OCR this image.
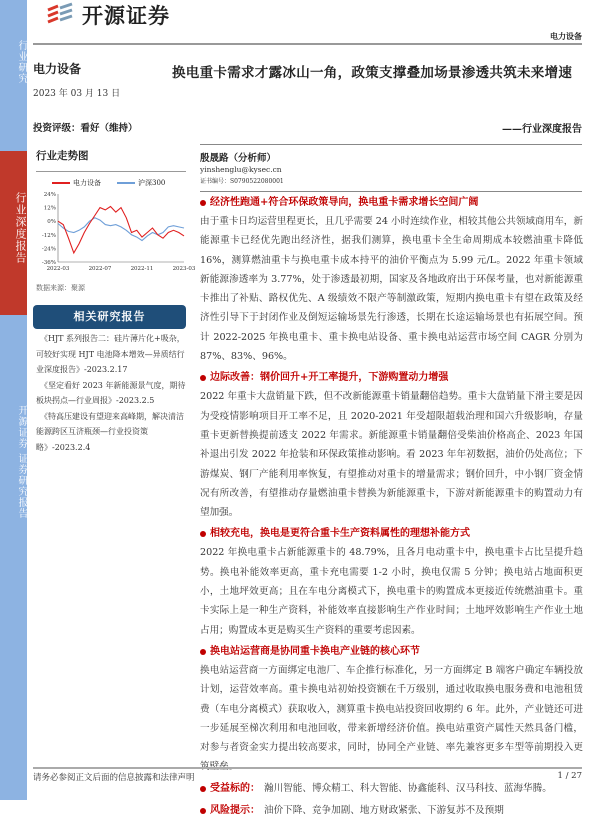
行业研究
行业深度报告
开源证券 证券研究报告
开源证券
电力设备
电力设备
2023 年 03 月 13 日
换电重卡需求才露冰山一角，政策支撑叠加场景渗透共筑未来增速
投资评级：看好（维持）	——行业深度报告
行业走势图
电力设备	沪深300
24%
12%
0%
-12%
-24%
-36%
2022-03	2022-07	2022-11	2023-03
数据来源：聚源
相关研究报告

《HJT 系列报告二：硅片薄片化+吸杂，可较好实现 HJT 电池降本增效—异质结行业深度报告》-2023.2.17

《坚定看好 2023 年新能源景气度，期待板块拐点—行业周报》-2023.2.5

《特高压建设有望迎来高峰期，解决清洁能源跨区互济瓶颈—行业投资策略》-2023.2.4

殷晟路（分析师）
yinshenglu@kysec.cn
证书编号：S0790522080001
经济性跑通+符合环保政策导向，换电重卡需求增长空间广阔

由于重卡日均运营里程更长，且几乎需要 24 小时连续作业，相较其他公共领域商用车，新能源重卡已经优先跑出经济性，据我们测算，换电重卡全生命周期成本较燃油重卡降低 16%，测算燃油重卡与换电重卡成本持平的油价平衡点为 5.99 元/L。2022 年重卡领域新能源渗透率为 3.77%，处于渗透最初期，国家及各地政府出于环保考量，也对新能源重卡推出了补贴、路权优先、A 级绩效不限产等制激政策，短期内换电重卡有望在政策及经济性引导下于封闭作业及倒短运输场景先行渗透，长期在长途运输场景也有拓展空间。预计 2022-2025 年换电重卡、重卡换电站设备、重卡换电站运营市场空间 CAGR 分别为 87%、83%、96%。

边际改善：钢价回升+开工率提升，下游购置动力增强

2022 年重卡大盘销量下跌，但不改新能源重卡销量翻倍趋势。重卡大盘销量下滑主要是因为受疫情影响项目开工率不足，且 2020-2021 年受超限超载治理和国六升级影响，存量重卡更新替换提前透支 2022 年需求。新能源重卡销量翻倍受柴油价格高企、2023 年国补退出引发 2022 年抢装和环保政策推动影响。看 2023 年年初数据，油价仍处高位；下游煤炭、钢厂产能利用率恢复，有望推动对重卡的增量需求；钢价回升，中小钢厂资金情况有所改善，有望推动存量燃油重卡替换为新能源重卡，下游对新能源重卡的购置动力有望加强。

相较充电，换电是更符合重卡生产资料属性的理想补能方式

2022 年换电重卡占新能源重卡的 48.79%，且各月电动重卡中，换电重卡占比呈提升趋势。换电补能效率更高，重卡充电需要 1-2 小时，换电仅需 5 分钟；换电站占地面积更小，土地坪效更高；且在车电分离模式下，换电重卡的购置成本更接近传统燃油重卡。重卡实际上是一种生产资料，补能效率直接影响生产作业时间；土地坪效影响生产作业土地占用；购置成本更是购买生产资料的重要考虑因素。

换电站运营商是协同重卡换电产业链的核心环节

换电站运营商一方面绑定电池厂、车企推行标准化，另一方面绑定 B 端客户确定车辆投放计划，运营效率高。重卡换电站初始投资额在千万级别，通过收取换电服务费和电池租赁费（车电分离模式）获取收入，测算重卡换电站投资回收期约 6 年。此外，产业链还可进一步延展至梯次利用和电池回收，带来新增经济价值。换电站重资产属性天然具备门槛，对参与者资金实力提出较高要求，同时，协同全产业链、率先兼容更多车型等前期投入更

受益标的： 瀚川智能、博众精工、科大智能、协鑫能科、汉马科技、蓝海华腾。
风险提示： 油价下降、竞争加剧、地方财政紧张、下游复苏不及预期
请务必参阅正文后面的信息披露和法律声明	1 / 27
